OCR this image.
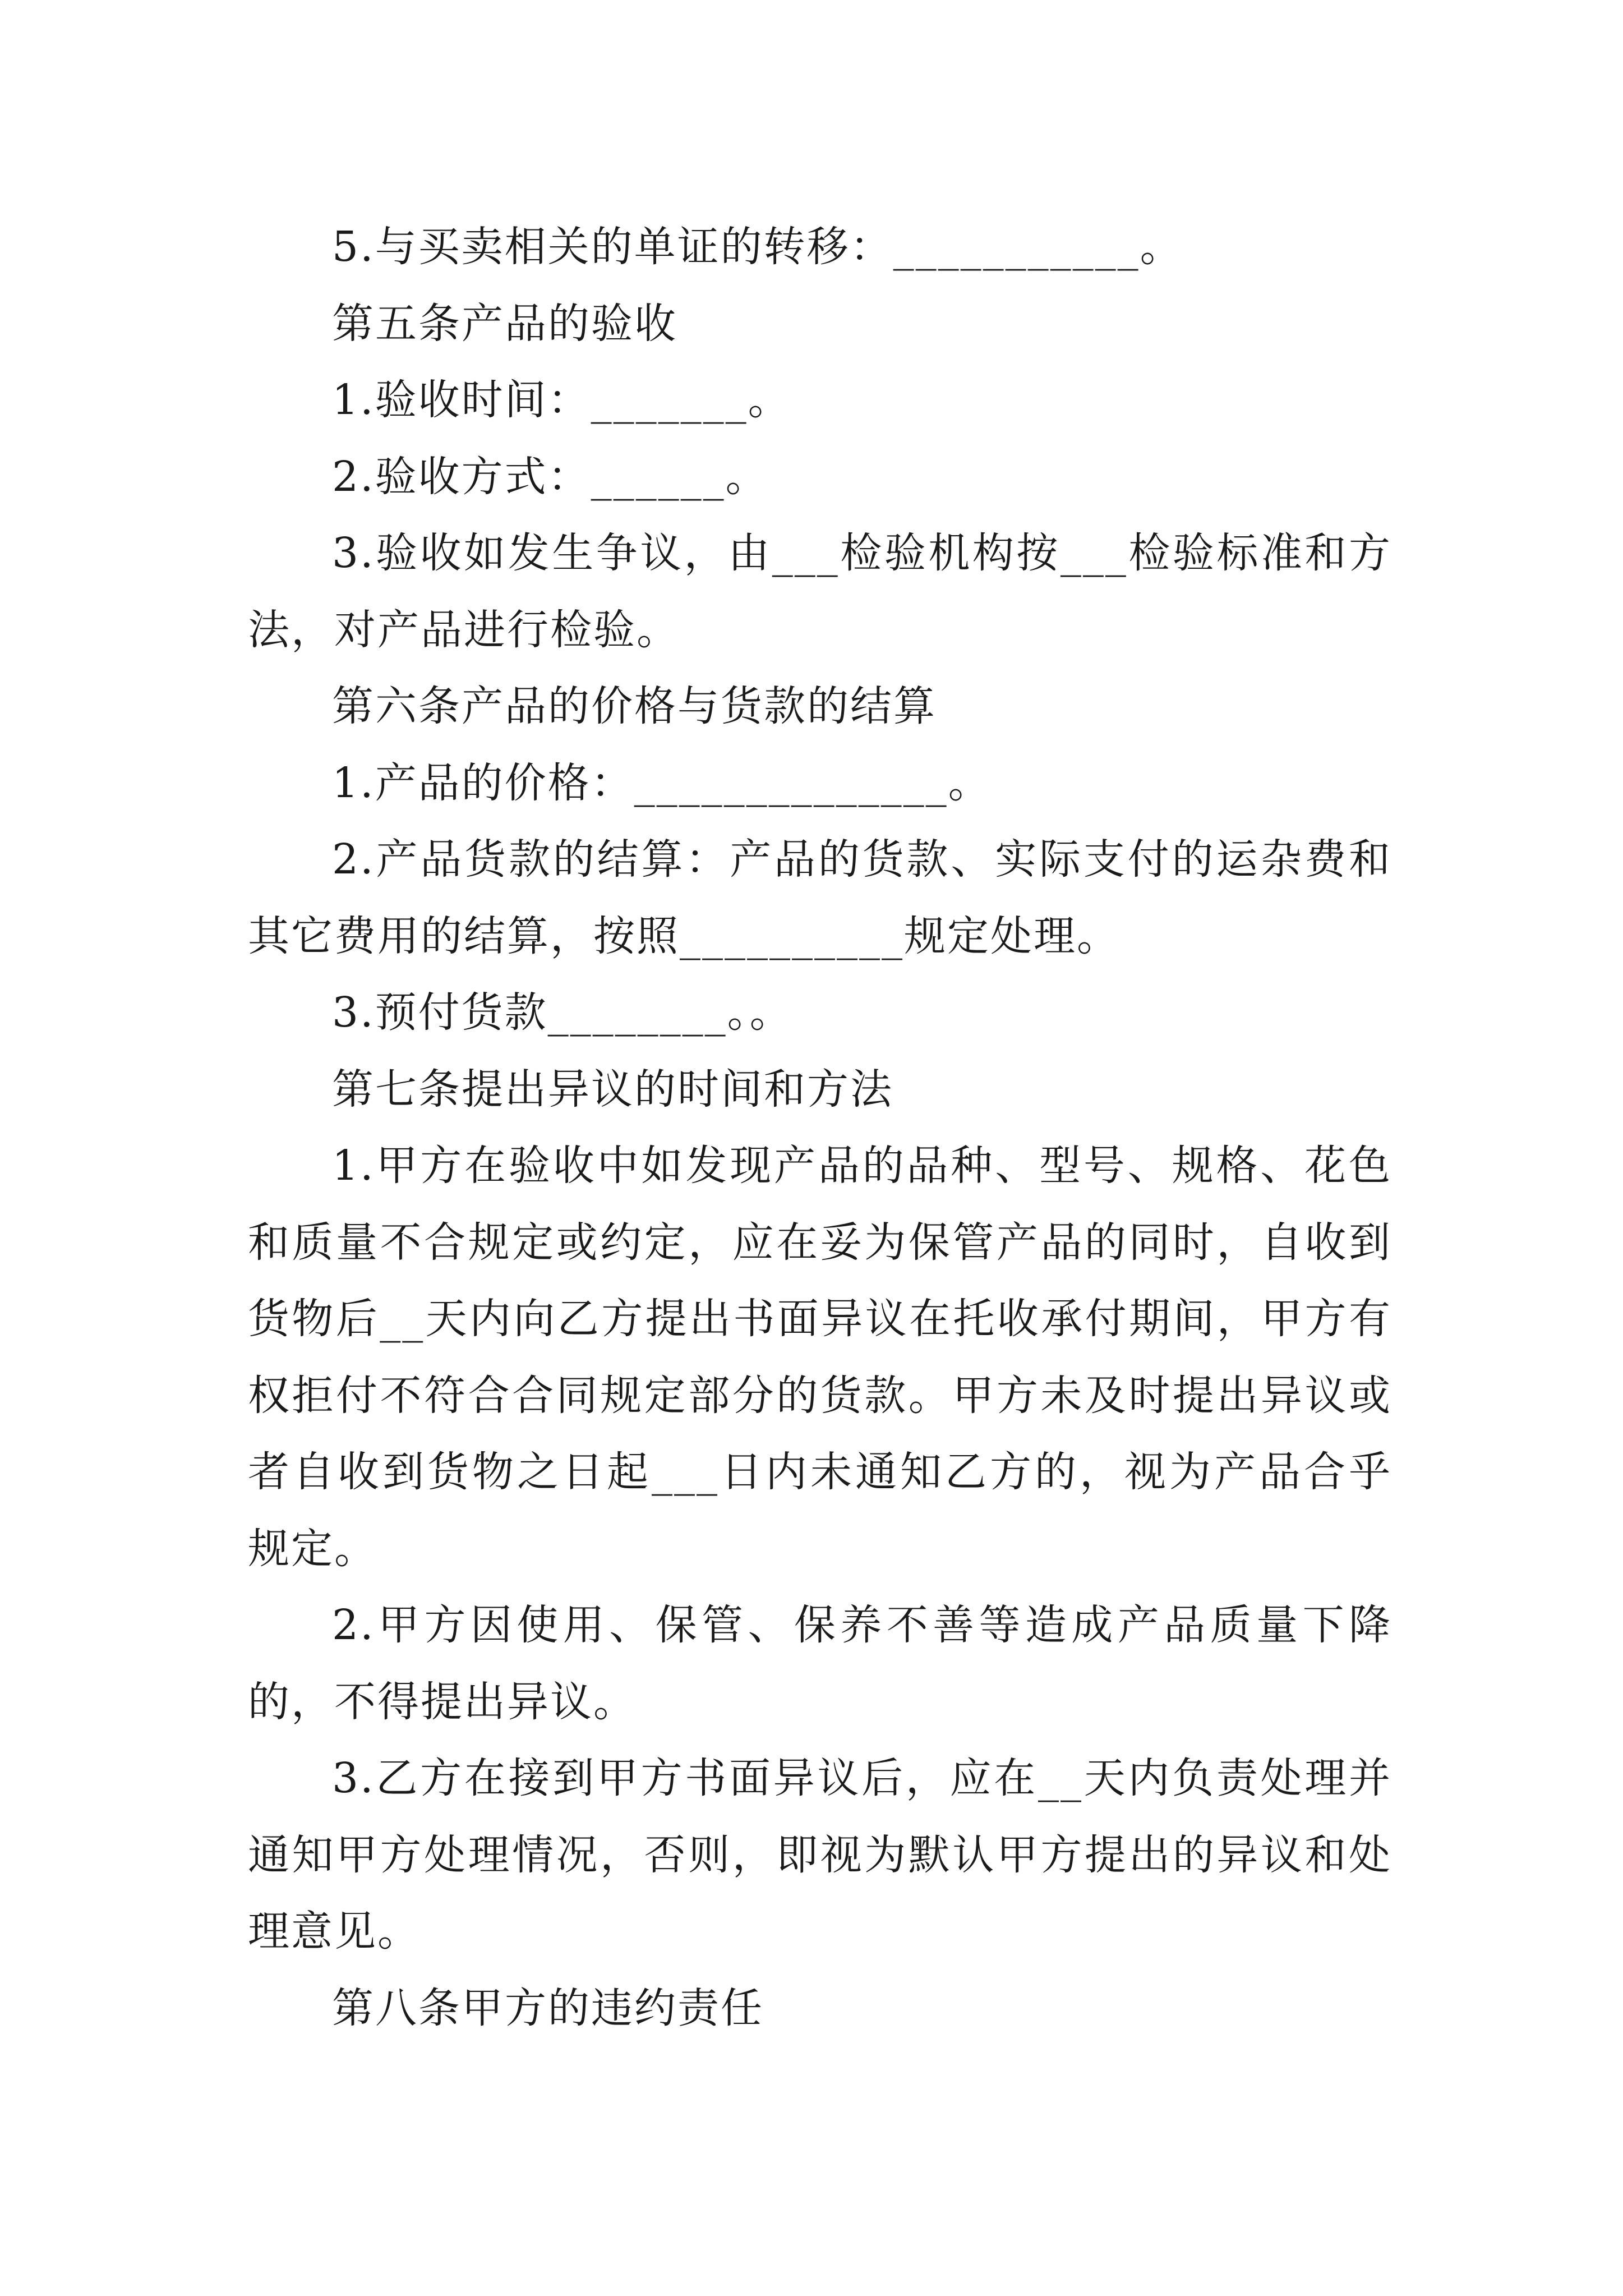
5.与买卖相关的单证的转移：___________。

第五条产品的验收

1.验收时间：_______。

2.验收方式：______。

3.验收如发生争议，由___检验机构按___检验标准和方法，对产品进行检验。

第六条产品的价格与货款的结算

1.产品的价格：______________。

2.产品货款的结算：产品的货款、实际支付的运杂费和其它费用的结算，按照__________规定处理。

3.预付货款________。。

第七条提出异议的时间和方法

1.甲方在验收中如发现产品的品种、型号、规格、花色和质量不合规定或约定，应在妥为保管产品的同时，自收到货物后__天内向乙方提出书面异议在托收承付期间，甲方有权拒付不符合合同规定部分的货款。甲方未及时提出异议或者自收到货物之日起___日内未通知乙方的，视为产品合乎规定。

2.甲方因使用、保管、保养不善等造成产品质量下降的，不得提出异议。

3.乙方在接到甲方书面异议后，应在__天内负责处理并通知甲方处理情况，否则，即视为默认甲方提出的异议和处理意见。

第八条甲方的违约责任
